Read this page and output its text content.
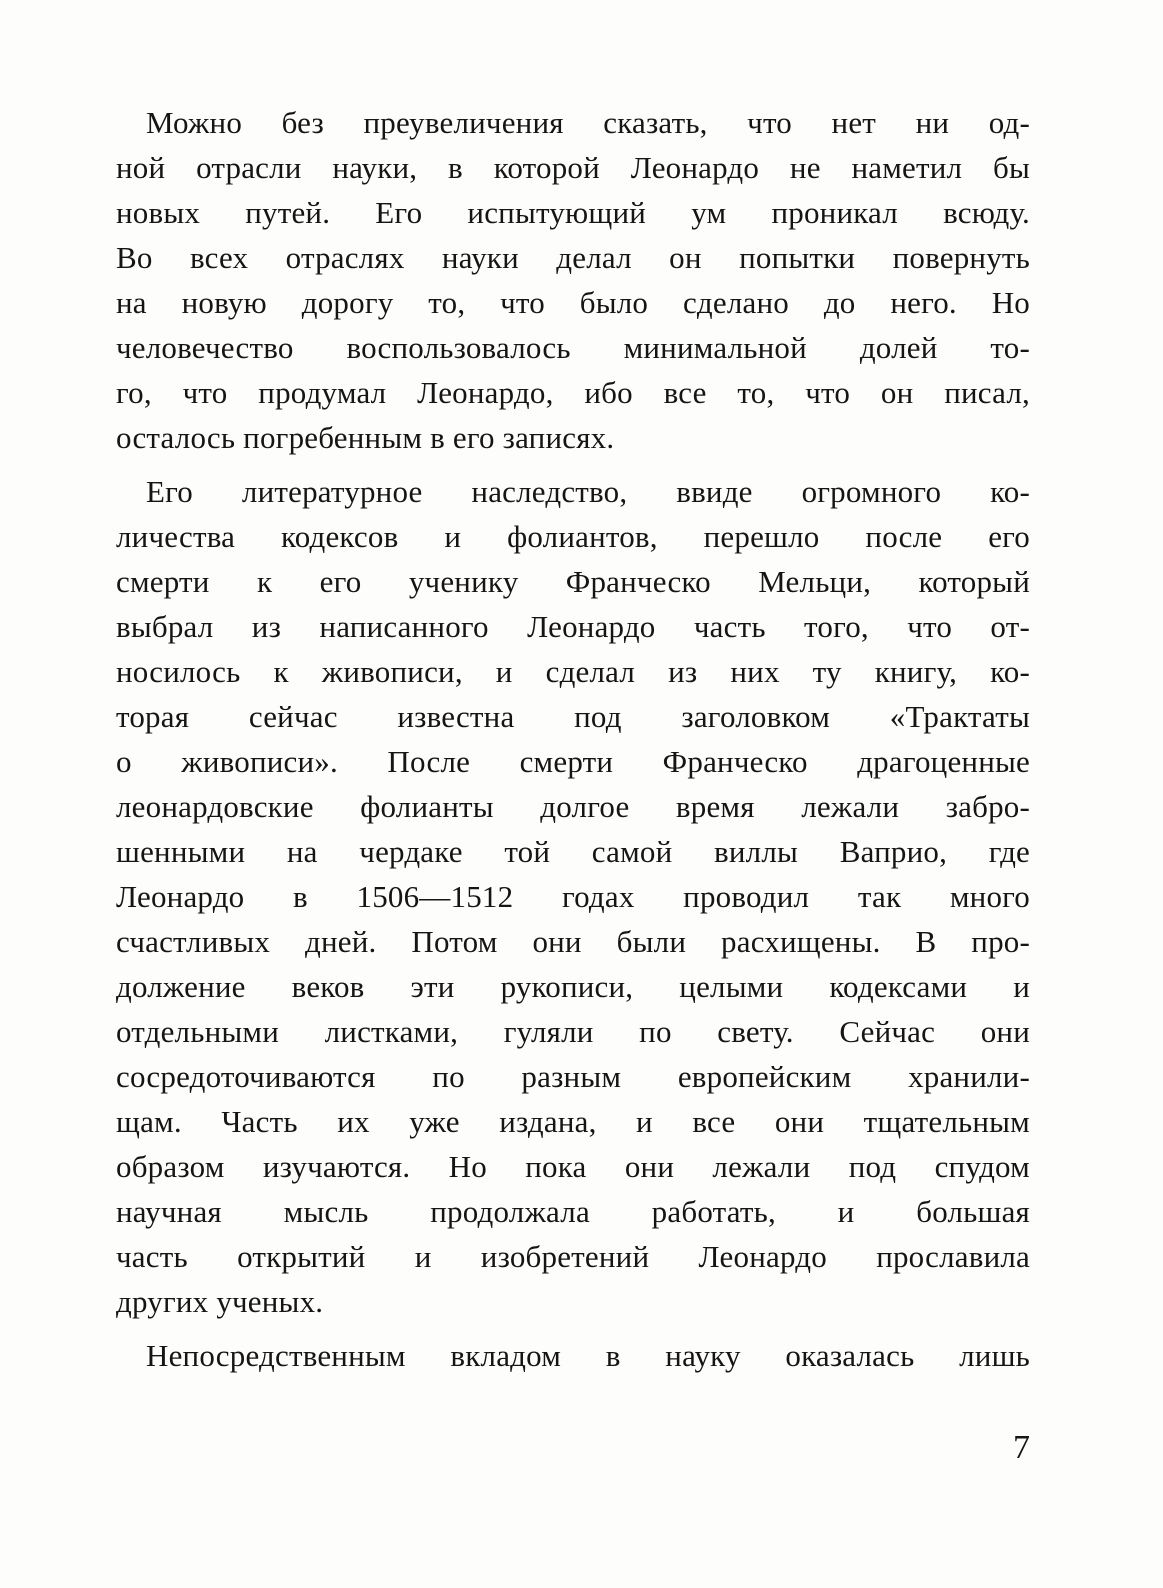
Можно без преувеличения сказать, что нет ни од-
ной отрасли науки, в которой Леонардо не наметил бы
новых путей. Его испытующий ум проникал всюду.
Во всех отраслях науки делал он попытки повернуть
на новую дорогу то, что было сделано до него. Но
человечество воспользовалось минимальной долей то-
го, что продумал Леонардо, ибо все то, что он писал,
осталось погребенным в его записях.
Его литературное наследство, ввиде огромного ко-
личества кодексов и фолиантов, перешло после его
смерти к его ученику Франческо Мельци, который
выбрал из написанного Леонардо часть того, что от-
носилось к живописи, и сделал из них ту книгу, ко-
торая сейчас известна под заголовком «Трактаты
о живописи». После смерти Франческо драгоценные
леонардовские фолианты долгое время лежали забро-
шенными на чердаке той самой виллы Ваприо, где
Леонардо в 1506—1512 годах проводил так много
счастливых дней. Потом они были расхищены. В про-
должение веков эти рукописи, целыми кодексами и
отдельными листками, гуляли по свету. Сейчас они
сосредоточиваются по разным европейским хранили-
щам. Часть их уже издана, и все они тщательным
образом изучаются. Но пока они лежали под спудом
научная мысль продолжала работать, и большая
часть открытий и изобретений Леонардо прославила
других ученых.
Непосредственным вкладом в науку оказалась лишь
7
